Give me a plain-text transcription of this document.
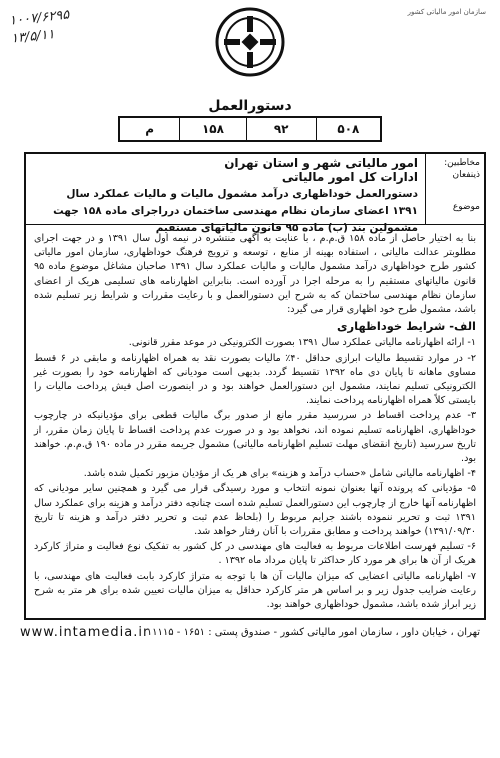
۱۰۰۷/۶۲۹۵
۱۳/۵/۱۱
سازمان امور مالیاتی کشور
دستورالعمل
۵۰۸
۹۲
۱۵۸
م
مخاطبین:
ذینفعان
موضوع
امور مالیاتی شهر و استان تهران
ادارات کل امور مالیاتی
دستورالعمل خوداظهاری درآمد مشمول مالیات و مالیات عملکرد سال ۱۳۹۱ اعضای سازمان نظام مهندسی ساختمان درراجرای ماده ۱۵۸ جهت مشمولین بند (ب) ماده ۹۵ قانون مالیاتهای مستقیم

بنا به اختیار حاصل از ماده ۱۵۸ ق.م.م ، با عنایت به آگهی منتشره در نیمه اول سال ۱۳۹۱ و در جهت اجرای مطلوبتر عدالت مالیاتی ، استفاده بهینه از منابع ، توسعه و ترویج فرهنگ خوداظهاری، سازمان امور مالیاتی کشور طرح خوداظهاری درآمد مشمول مالیات و مالیات عملکرد سال ۱۳۹۱ صاحبان مشاغل موضوع ماده ۹۵ قانون مالیاتهای مستقیم را به مرحله اجرا در آورده است. بنابراین اظهارنامه های تسلیمی هریک از اعضای سازمان نظام مهندسی ساختمان که به شرح این دستورالعمل و با رعایت مقررات و شرایط زیر تسلیم شده باشد، مشمول طرح خود اظهاری قرار می گیرد:

الف- شرایط خوداظهاری
۱- ارائه اظهارنامه مالیاتی عملکرد سال ۱۳۹۱ بصورت الکترونیکی در موعد مقرر قانونی.
۲- در موارد تقسیط مالیات ابرازی حداقل ۴۰٪ مالیات بصورت نقد به همراه اظهارنامه و مابقی در ۶ قسط مساوی ماهانه تا پایان دی ماه ۱۳۹۲ تقسیط گردد. بدیهی است مودیانی که اظهارنامه خود را بصورت غیر الکترونیکی تسلیم نمایند، مشمول این دستورالعمل خواهند بود و در اینصورت اصل فیش پرداخت مالیات را بایستی کلاً همراه اظهارنامه پرداخت نمایند.
۳- عدم پرداخت اقساط در سررسید مقرر مانع از صدور برگ مالیات قطعی برای مؤدیانیکه در چارچوب خوداظهاری، اظهارنامه تسلیم نموده اند، نخواهد بود و در صورت عدم پرداخت اقساط تا پایان زمان مقرر، از تاریخ سررسید (تاریخ انقضای مهلت تسلیم اظهارنامه مالیاتی) مشمول جریمه مقرر در ماده ۱۹۰ ق.م.م. خواهند بود.
۴- اظهارنامه مالیاتی شامل «حساب درآمد و هزینه» برای هر یک از مؤدیان مزبور تکمیل شده باشد.
۵- مؤدیانی که پرونده آنها بعنوان نمونه انتخاب و مورد رسیدگی قرار می گیرد و همچنین سایر مودیانی که اظهارنامه آنها خارج از چارچوب این دستورالعمل تسلیم شده است چنانچه دفتر درآمد و هزینه برای عملکرد سال ۱۳۹۱ ثبت و تحریر ننموده باشند جرایم مربوط را (بلحاظ عدم ثبت و تحریر دفتر درآمد و هزینه تا تاریخ ۱۳۹۱/۰۹/۳۰) خواهند پرداخت و مطابق مقررات با آنان رفتار خواهد شد.
۶- تسلیم فهرست اطلاعات مربوط به فعالیت های مهندسی در کل کشور به تفکیک نوع فعالیت و متراژ کارکرد هریک از آن ها برای هر مورد کار حداکثر تا پایان مرداد ماه ۱۳۹۲ .
۷- اظهارنامه مالیاتی اعضایی که میزان مالیات آن ها با توجه به متراژ کارکرد بابت فعالیت های مهندسی، با رعایت ضرایب جدول زیر و بر اساس هر متر کارکرد حداقل به میزان مالیات تعیین شده برای هر متر به شرح زیر ابراز شده باشد، مشمول خوداظهاری خواهند بود.
www.intamedia.ir
تهران ، خیابان داور ، سازمان امور مالیاتی کشور - صندوق پستی : ۱۶۵۱ - ۱۱۱۱۵
